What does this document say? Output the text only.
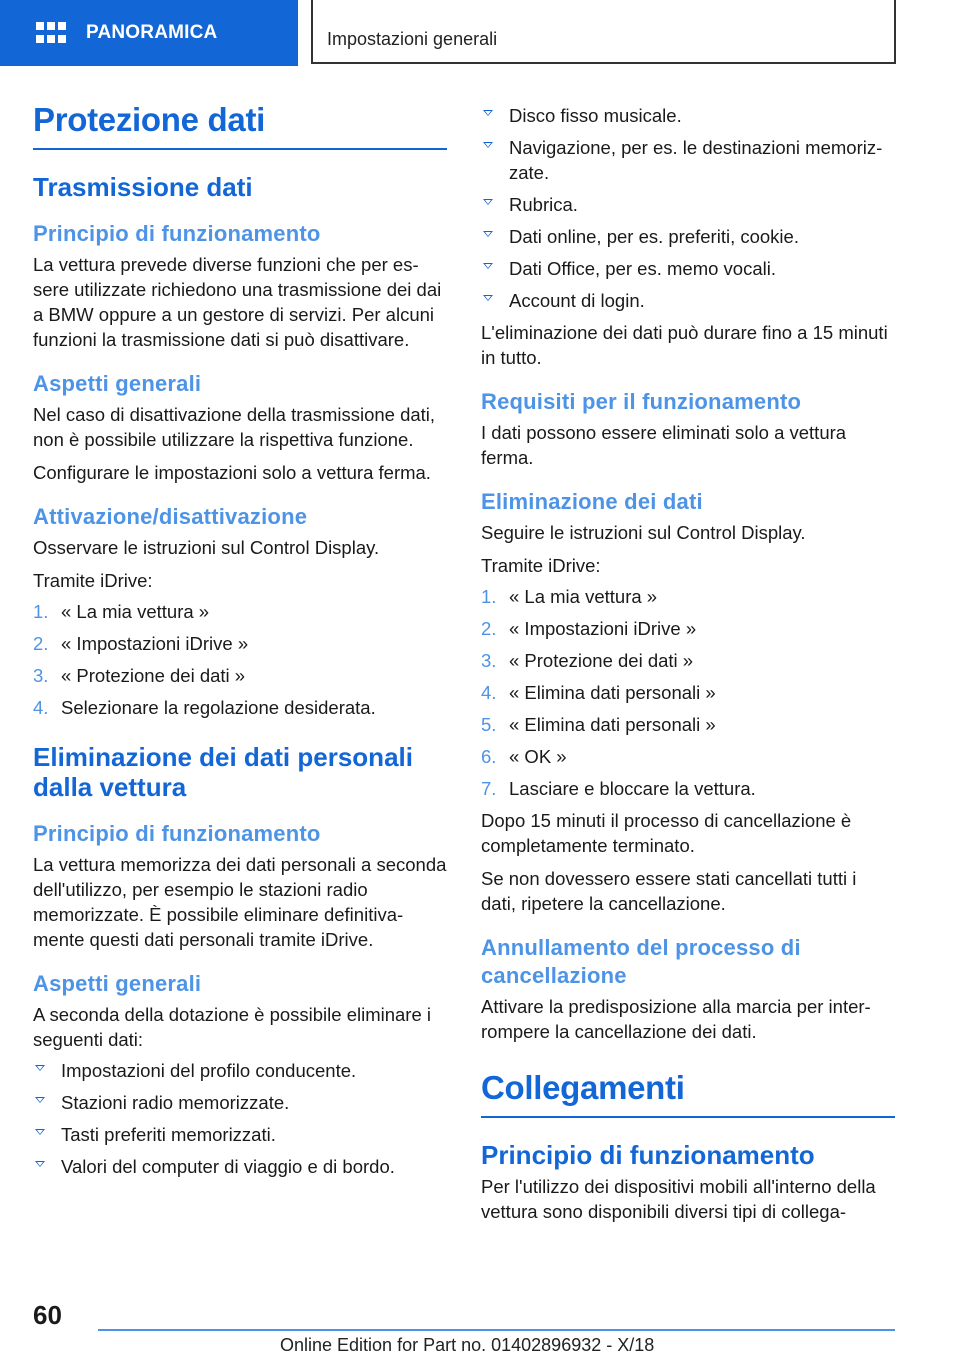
PANORAMICA	Impostazioni generali
Protezione dati
Trasmissione dati
Principio di funzionamento

La vettura prevede diverse funzioni che per essere utilizzate richiedono una trasmissione dei dai a BMW oppure a un gestore di servizi. Per alcuni funzioni la trasmissione dati si può disattivare.

Aspetti generali

Nel caso di disattivazione della trasmissione dati, non è possibile utilizzare la rispettiva funzione.

Configurare le impostazioni solo a vettura ferma.

Attivazione/disattivazione

Osservare le istruzioni sul Control Display.

Tramite iDrive:

1. « La mia vettura »
2. « Impostazioni iDrive »
3. « Protezione dei dati »
4. Selezionare la regolazione desiderata.
Eliminazione dei dati personali dalla vettura
Principio di funzionamento

La vettura memorizza dei dati personali a seconda dell'utilizzo, per esempio le stazioni radio memorizzate. È possibile eliminare definitivamente questi dati personali tramite iDrive.

Aspetti generali

A seconda della dotazione è possibile eliminare i seguenti dati:

Impostazioni del profilo conducente.
Stazioni radio memorizzate.
Tasti preferiti memorizzati.
Valori del computer di viaggio e di bordo.
Disco fisso musicale.
Navigazione, per es. le destinazioni memorizzate.
Rubrica.
Dati online, per es. preferiti, cookie.
Dati Office, per es. memo vocali.
Account di login.

L'eliminazione dei dati può durare fino a 15 minuti in tutto.

Requisiti per il funzionamento

I dati possono essere eliminati solo a vettura ferma.

Eliminazione dei dati

Seguire le istruzioni sul Control Display.

Tramite iDrive:

1. « La mia vettura »
2. « Impostazioni iDrive »
3. « Protezione dei dati »
4. « Elimina dati personali »
5. « Elimina dati personali »
6. « OK »
7. Lasciare e bloccare la vettura.

Dopo 15 minuti il processo di cancellazione è completamente terminato.

Se non dovessero essere stati cancellati tutti i dati, ripetere la cancellazione.

Annullamento del processo di cancellazione

Attivare la predisposizione alla marcia per interrompere la cancellazione dei dati.

Collegamenti
Principio di funzionamento

Per l'utilizzo dei dispositivi mobili all'interno della vettura sono disponibili diversi tipi di collega-

60
Online Edition for Part no. 01402896932 - X/18
